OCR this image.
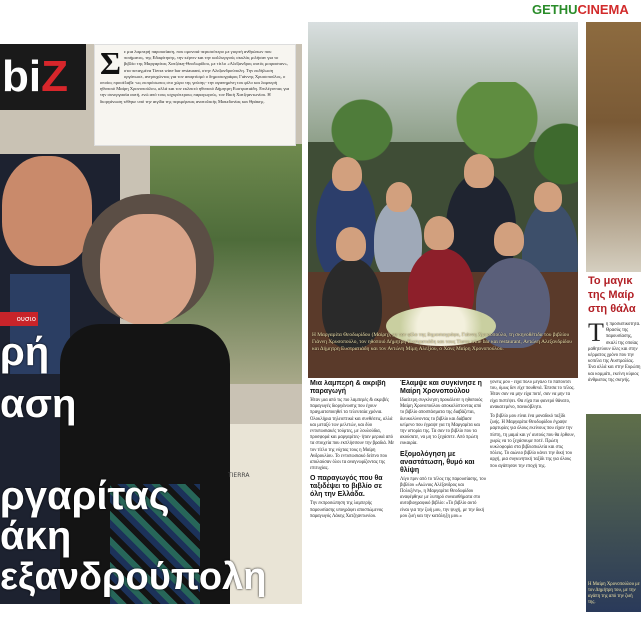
GETHUCINEMA
TIERRA
biZ	Σ ε μια λαμπερή παρουσίαση, που ομονοιά περισσότερο με γιορτή ανθρώπων που ποιήματος, της Εδαφίτησης, την κέρνιν και την καλλιεργούς σκυλάς μιλήσαν για το βιβλίο της Μαργαρίτας Χατζάκη-Θεοδωρίδου, με τίτλο «Αλέξανδρος αυτός μοιρασταν», στα πεταγμένα Tierra wine bar restaurant, στην Αλεξανδρούπολη. Την εκδήλωση οργάνωσε, ανησυχώντας για τον απαρτίσμό ο δημοσιογράφος Γιάννης Χρυσοπούλος, ο οποίος προσέλαβε -ως εκπρόσωπος στο χώρο της γεύσης- την αγαπημένη του φίλο και λαμπερή ηθοποιό Μαίρη Χρονοπούλου, αλλά και τον εκλεκτό ηθοποιό Δήμητρη Ευστρατιάδη. Επιλέγοντας για την συνεργασία αυτή, ενώ από τους ισχυρότερους παραγωγούς, τον Βική Χατζηαντωνίου. Η διοργάνωση τέθηκε υπό την αιγίδα της περιφέρειας ανατολικής Μακεδονίας και Θράκης.
ουσιο
ρή
αση
ργαρίτας
άκη
εξανδρούπολη
Η Μαργαρίτα Θεοδωρίδου (Μαίρη), με τον φίλο της δημοσιογράφο, Γιάννη Χρυσοπούλο, τη σκηνοθέτιδα του βιβλίου Γιάννη Χρυσοπούλο, τον ηθοποιό Δήμητρη Ευστρατιάδη και τους Tierra wine bar και restaurant, Αντώνη Αλεξανδρίδου και Δήμητρη Ευστρατιάδη και τον Αντώνη Μίμη Αλεξίου, ο Χανς Μαίρη Χρονοπούλου.
Μια λαμπερή & ακριβή παραγωγή

Ήταν μια από τις πιο λαμπερές & ακριβές παραγωγές διοργάνωσης που έχουν πραγματοποιηθεί τα τελευταία χρόνια. Ολοκλήρια τηλεοπτικά και συνθέσεις, αλλά και μεταξύ των μελετών, και δύο εντυπωσιακές τούρτες, με λουλούδια, προσφορά και μαργαρίτες- ήταν μερικά από τα στοιχεία που εκπλήσσουν την βραδιά. Με τον τίτλο της νύχτας τους η Μαίρη Ανδρουλίου. Το εντυπωσιακό δείπνο που απολαύσαν όλοι τα αναγνωρίζοντας της επιτυχίας.

Ο παραγωγός που θα ταξιδέψει το βιβλίο σε όλη την Ελλάδα.

Την εκπροσώπηση της λαμπερής παρουσίασης υπογράφει αποσπώμενος παραγωγός Λάκης Χατζηαντωνίου.

Έλαμψε και συγκίνησε η Μαίρη Χρονοπούλου

Ιδιαίτερη συγκίνηση προκάλεσε η ηθοποιός Μαίρη Χρονοπούλου αποκαλύπτοντας από το βιβλίο αποσπάσματα της διαβάζεται, διευκολύνοντας το βιβλίο και διάβασε κείμενο που έγραψε για τη Μαργαρίτα και την ιστορία της. Τα σαν το βιβλίο που τα ακούσατε, να μη το ξεχάσετε. Από πρώτη ευκαιρία.

Εξομολόγηση με αναστάτωση, θυμό και θλίψη

Λίγο πριν από το τέλος της παρουσίασης, του βιβλίου «Αιώνιος Αλέξανδρος και Πολυξένη», η Μαργαρίτα Θεοδωρίδου αναφέρθηκε με λυπηρό συναισθήματα στο αυτοβιογραφικό βιβλίο: «Το βιβλίο αυτό είναι για την ζωή μου, την ψυχή, με την δική μου ζωή και την κατάληξη μου.»

γονείς μου - είχα πολύ μεγάλο το παπούτσι του, όμως δεν είχε πουθενά. Έπεσα το τέλος. Ήταν σαν να μην είχα ποτέ, σαν να μην τα είχα πιστέψει. Θα είχα πιο φανερό θάνατο, ανακατεμένο, πανικόβλητο.

Το βιβλίο μου είναι ένα μοναδικό ταξίδι ζωής. Η Μαργαρίτα Θεοδωρίδου έγραψε μαρτυρίες για όλους εκείνους που είχαν την πίστη, τη μαμά και γι' αυτούς που θα έρθουν, χωρίς να το ξεχάσουμε ποτέ. Πρώτη κυκλοφορία στα βιβλιοπωλεία και στις πόλεις. Το αιώνιο βιβλίο κάνει την δική του αρχή, μια συγκινητική ταξίδι της για όλους που αγάπησαν την εποχή της.

Το μαγικ
της Μαίρ
στη θάλα
Τ η προσωπικότητα. Θρασύς της παρουσίασης, σκαλί της οποίας μαθητεύουν όλες και στην κέρματος χρόνο που την κοπέλα της Αυστραλίας. Ένα αλλά και στην Ευρώπη και κομμάτι, εκείνη κύριος άνθρωπος της σκηνής.
Η Μαίρη Χρονοπούλου με τον Δημήτρη του, με την αγάπη της από την ζωή της.
